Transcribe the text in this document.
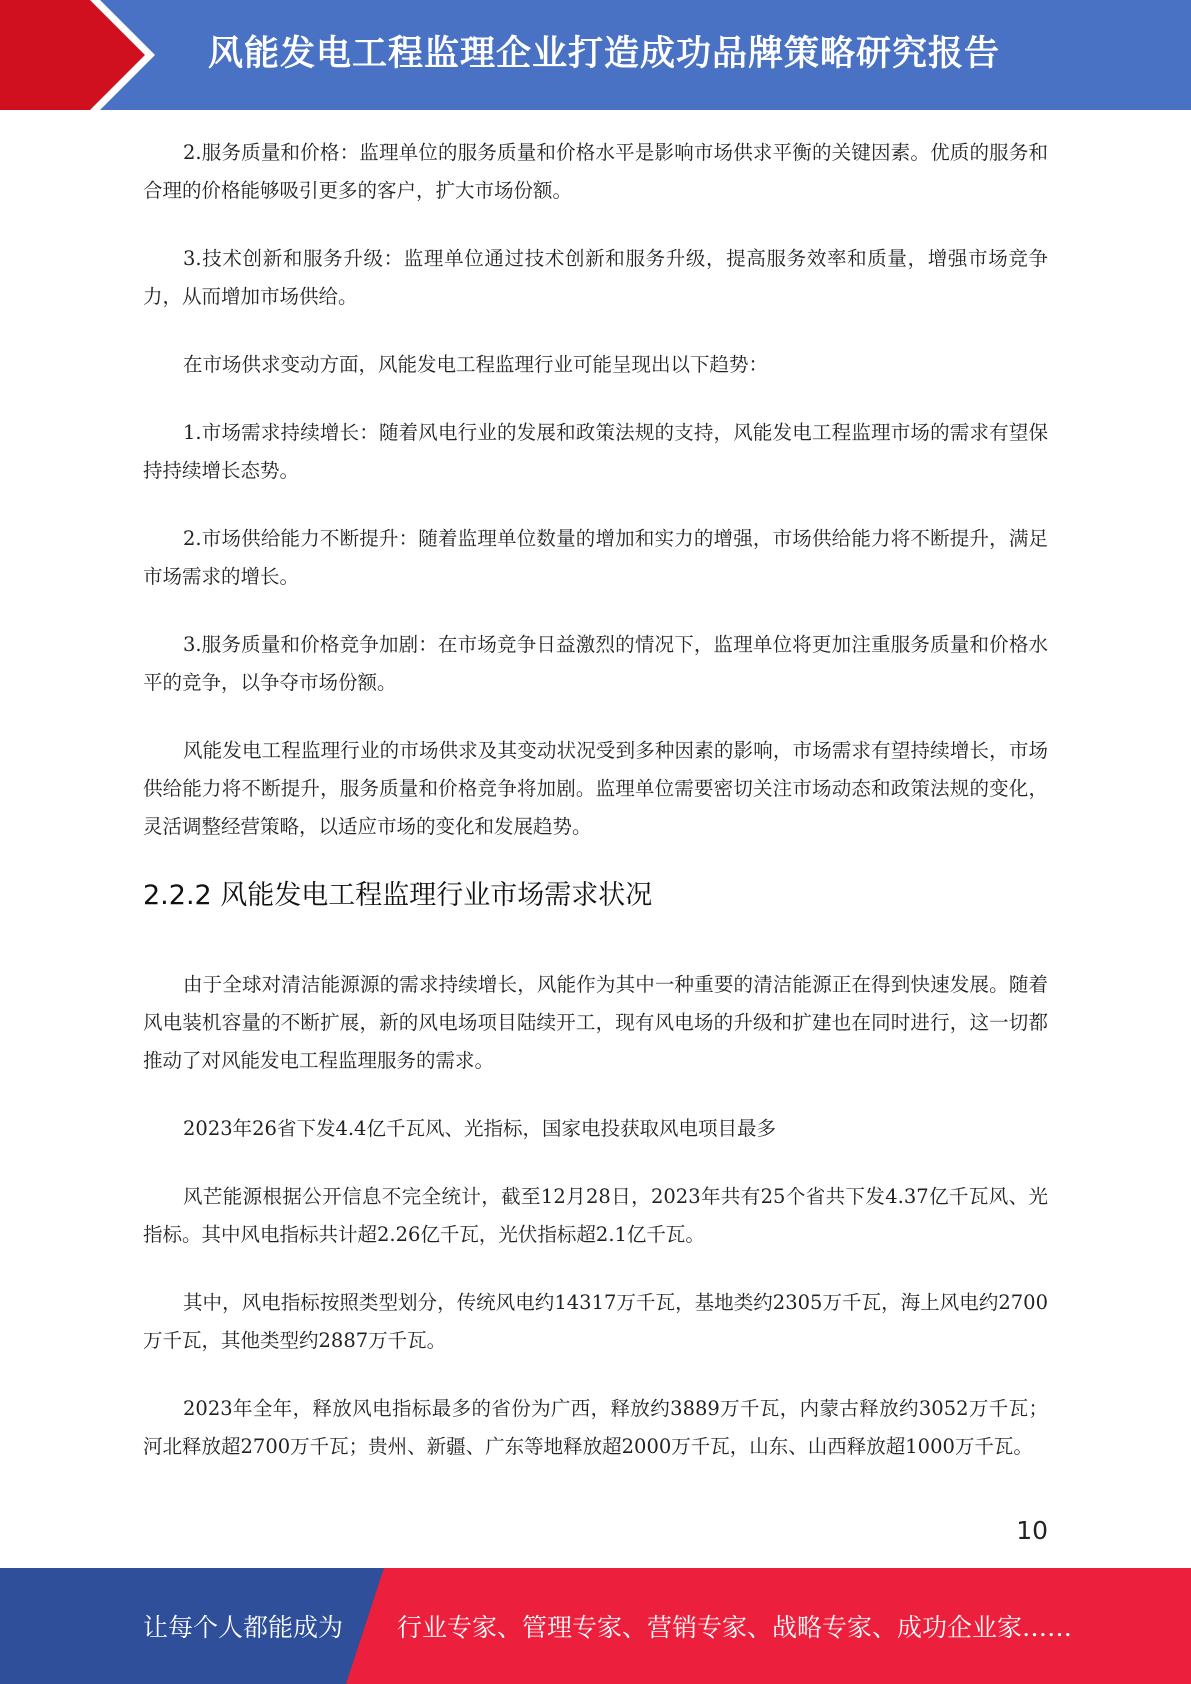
风能发电工程监理企业打造成功品牌策略研究报告

2.服务质量和价格：监理单位的服务质量和价格水平是影响市场供求平衡的关键因素。优质的服务和合理的价格能够吸引更多的客户，扩大市场份额。

3.技术创新和服务升级：监理单位通过技术创新和服务升级，提高服务效率和质量，增强市场竞争力，从而增加市场供给。

在市场供求变动方面，风能发电工程监理行业可能呈现出以下趋势：

1.市场需求持续增长：随着风电行业的发展和政策法规的支持，风能发电工程监理市场的需求有望保持持续增长态势。

2.市场供给能力不断提升：随着监理单位数量的增加和实力的增强，市场供给能力将不断提升，满足市场需求的增长。

3.服务质量和价格竞争加剧：在市场竞争日益激烈的情况下，监理单位将更加注重服务质量和价格水平的竞争，以争夺市场份额。

风能发电工程监理行业的市场供求及其变动状况受到多种因素的影响，市场需求有望持续增长，市场供给能力将不断提升，服务质量和价格竞争将加剧。监理单位需要密切关注市场动态和政策法规的变化，灵活调整经营策略，以适应市场的变化和发展趋势。

2.2.2 风能发电工程监理行业市场需求状况

由于全球对清洁能源源的需求持续增长，风能作为其中一种重要的清洁能源正在得到快速发展。随着风电装机容量的不断扩展，新的风电场项目陆续开工，现有风电场的升级和扩建也在同时进行，这一切都推动了对风能发电工程监理服务的需求。

2023年26省下发4.4亿千瓦风、光指标，国家电投获取风电项目最多

风芒能源根据公开信息不完全统计，截至12月28日，2023年共有25个省共下发4.37亿千瓦风、光指标。其中风电指标共计超2.26亿千瓦，光伏指标超2.1亿千瓦。

其中，风电指标按照类型划分，传统风电约14317万千瓦，基地类约2305万千瓦，海上风电约2700万千瓦，其他类型约2887万千瓦。

2023年全年，释放风电指标最多的省份为广西，释放约3889万千瓦，内蒙古释放约3052万千瓦；河北释放超2700万千瓦；贵州、新疆、广东等地释放超2000万千瓦，山东、山西释放超1000万千瓦。

10
让每个人都能成为 行业专家、管理专家、营销专家、战略专家、成功企业家……
